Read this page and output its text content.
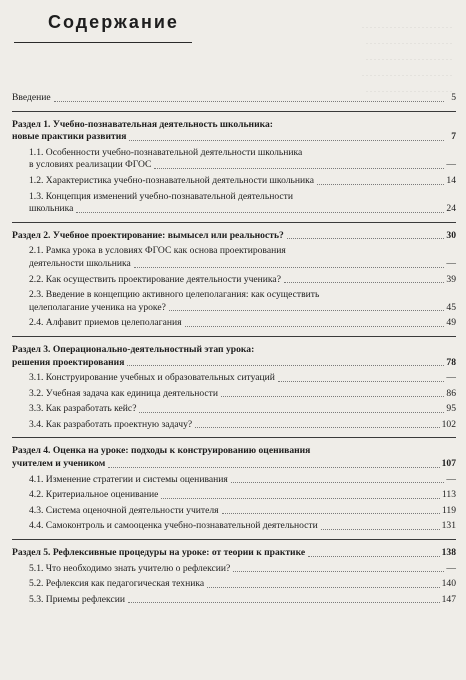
. . . . . . . . . . . . . . . . . . . . . . .
. . . . . . . . . . . . . . . . . . . . . .
. . . . . . . . . . . . . . . . . . . . . .
. . . . . . . . . . . . . . . . . . . . . . .
. . . . . . . . . . . . . . . . . . . . . .
Содержание
Введение	5
Раздел 1. Учебно-познавательная деятельность школьника:
новые практики развития	7
1.1. Особенности учебно-познавательной деятельности школьника
в условиях реализации ФГОС	—
1.2. Характеристика учебно-познавательной деятельности школьника	14
1.3. Концепция изменений учебно-познавательной деятельности
школьника	24
Раздел 2. Учебное проектирование: вымысел или реальность?	30
2.1. Рамка урока в условиях ФГОС как основа проектирования
деятельности школьника	—
2.2. Как осуществить проектирование деятельности ученика?	39
2.3. Введение в концепцию активного целеполагания: как осуществить
целеполагание ученика на уроке?	45
2.4. Алфавит приемов целеполагания	49
Раздел 3. Операционально-деятельностный этап урока:
решения проектирования	78
3.1. Конструирование учебных и образовательных ситуаций	—
3.2. Учебная задача как единица деятельности	86
3.3. Как разработать кейс?	95
3.4. Как разработать проектную задачу?	102
Раздел 4. Оценка на уроке: подходы к конструированию оценивания
учителем и учеником	107
4.1. Изменение стратегии и системы оценивания	—
4.2. Критериальное оценивание	113
4.3. Система оценочной деятельности учителя	119
4.4. Самоконтроль и самооценка учебно-познавательной деятельности	131
Раздел 5. Рефлексивные процедуры на уроке: от теории к практике	138
5.1. Что необходимо знать учителю о рефлексии?	—
5.2. Рефлексия как педагогическая техника	140
5.3. Приемы рефлексии	147
